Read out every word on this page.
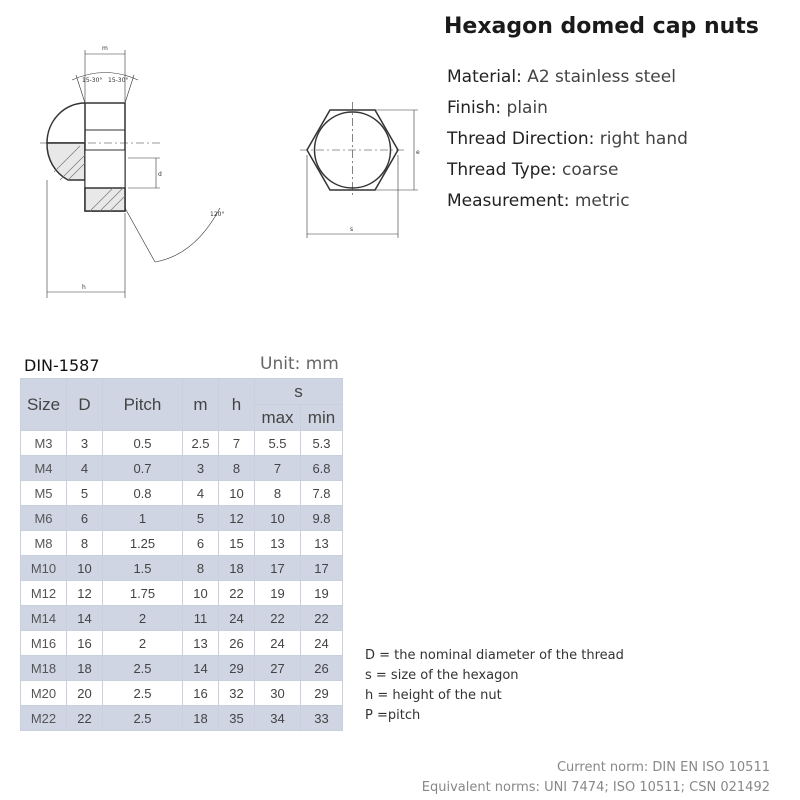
m
15-30° 15-30°
d
h
120°
e
s
Hexagon domed cap nuts
Material: A2 stainless steel
Finish: plain
Thread Direction: right hand
Thread Type: coarse
Measurement: metric
DIN-1587	Unit: mm
Size	D	Pitch	m	h	s	
					max	min
M3	3	0.5	2.5	7	5.5	5.3
M4	4	0.7	3	8	7	6.8
M5	5	0.8	4	10	8	7.8
M6	6	1	5	12	10	9.8
M8	8	1.25	6	15	13	13
M10	10	1.5	8	18	17	17
M12	12	1.75	10	22	19	19
M14	14	2	11	24	22	22
M16	16	2	13	26	24	24
M18	18	2.5	14	29	27	26
M20	20	2.5	16	32	30	29
M22	22	2.5	18	35	34	33
D = the nominal diameter of the thread
s = size of the hexagon
h = height of the nut
P =pitch
Current norm: DIN EN ISO 10511
Equivalent norms: UNI 7474; ISO 10511; CSN 021492
